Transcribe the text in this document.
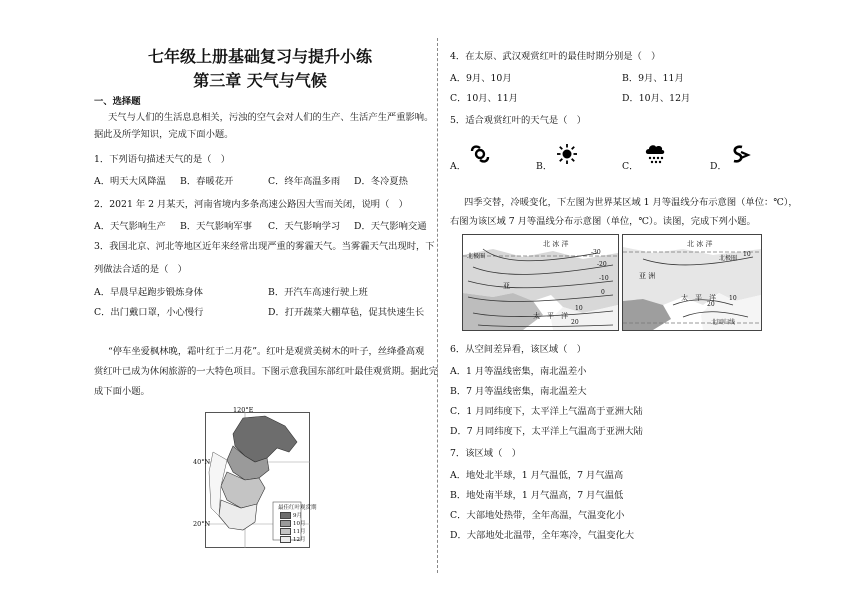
七年级上册基础复习与提升小练
第三章 天气与气候
一、选择题
天气与人们的生活息息相关，污浊的空气会对人们的生产、生活产生严重影响。
据此及所学知识，完成下面小题。
1．下列语句描述天气的是（　）
A．明天大风降温 B．春暖花开	C．终年高温多雨 D．冬冷夏热
2．2021 年 2 月某天，河南省境内多条高速公路因大雪而关闭，说明（　）
A．天气影响生产 B．天气影响军事 C．天气影响学习 D．天气影响交通
3．我国北京、河北等地区近年来经常出现严重的雾霾天气。当雾霾天气出现时，下
列做法合适的是（　）
A．早晨早起跑步锻炼身体	B．开汽车高速行驶上班
C．出门戴口罩，小心慢行	D．打开蔬菜大棚草毡，促其快速生长
“停车坐爱枫林晚，霜叶红于二月花”。红叶是观赏美树木的叶子，丝绛叠高观
赏红叶已成为休闲旅游的一大特色项目。下图示意我国东部红叶最佳观赏期。据此完
成下面小题。
120°E
40°N
20°N
最佳红叶观赏期
9月
10月
11月
12月
4．在太原、武汉观赏红叶的最佳时期分别是（　）
A．9月、10月	B．9月、11月
C．10月、11月	D．10月、12月
5．适合观赏红叶的天气是（　）
A．	B．	C．	D．
四季交替，冷暖变化，下左图为世界某区域 1 月等温线分布示意图（单位：℃），
右图为该区域 7 月等温线分布示意图（单位，℃）。读图，完成下列小题。
北 冰 洋
北极圈
亚
太　平　洋
-30
-20
-10
0
10
20
北 冰 洋
北极圈
亚 洲
太　平　洋
北回归线
10
20
10
6．从空间差异看，该区域（　）
A．1 月等温线密集，南北温差小
B．7 月等温线密集，南北温差大
C．1 月同纬度下，太平洋上气温高于亚洲大陆
D．7 月同纬度下，太平洋上气温高于亚洲大陆
7．该区域（　）
A．地处北半球，1 月气温低，7 月气温高
B．地处南半球，1 月气温高，7 月气温低
C．大部地处热带，全年高温，气温变化小
D．大部地处北温带，全年寒冷，气温变化大
